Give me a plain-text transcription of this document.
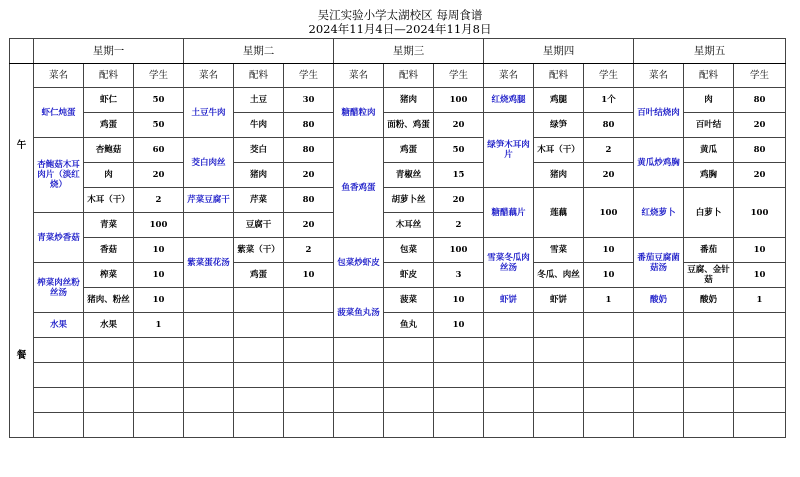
吴江实验小学太湖校区 每周食谱
2024年11月4日—2024年11月8日
	星期一			星期二			星期三			星期四			星期五		

午
餐	菜名	配料	学生	菜名	配料	学生	菜名	配料	学生	菜名	配料	学生	菜名	配料	学生
	虾仁炖蛋	虾仁	50	土豆牛肉	土豆	30	糖醋粒肉	猪肉	100	红烧鸡腿	鸡腿	1个	百叶结烧肉	肉	80
		鸡蛋	50		牛肉	80		面粉、鸡蛋	20	绿笋木耳肉片	绿笋	80		百叶结	20
	杏鲍菇木耳肉片（淡红烧）	杏鲍菇	60	茭白肉丝	茭白	80	鱼香鸡蛋	鸡蛋	50		木耳（干）	2	黄瓜炒鸡胸	黄瓜	80
		肉	20		猪肉	20		青椒丝	15		猪肉	20		鸡胸	20
		木耳（干）	2	芹菜豆腐干	芹菜	80		胡萝卜丝	20	糖醋藕片	莲藕	100	红烧萝卜	白萝卜	100
	青菜炒香菇	青菜	100		豆腐干	20		木耳丝	2						
		香菇	10	紫菜蛋花汤	紫菜（干）	2	包菜炒虾皮	包菜	100	雪菜冬瓜肉丝汤	雪菜	10	番茄豆腐菌菇汤	番茄	10
	榨菜肉丝粉丝汤	榨菜	10		鸡蛋	10		虾皮	3		冬瓜、肉丝	10		豆腐、金针菇	10
		猪肉、粉丝	10				菠菜鱼丸汤	菠菜	10	虾饼	虾饼	1	酸奶	酸奶	1
	水果	水果	1					鱼丸	10						
